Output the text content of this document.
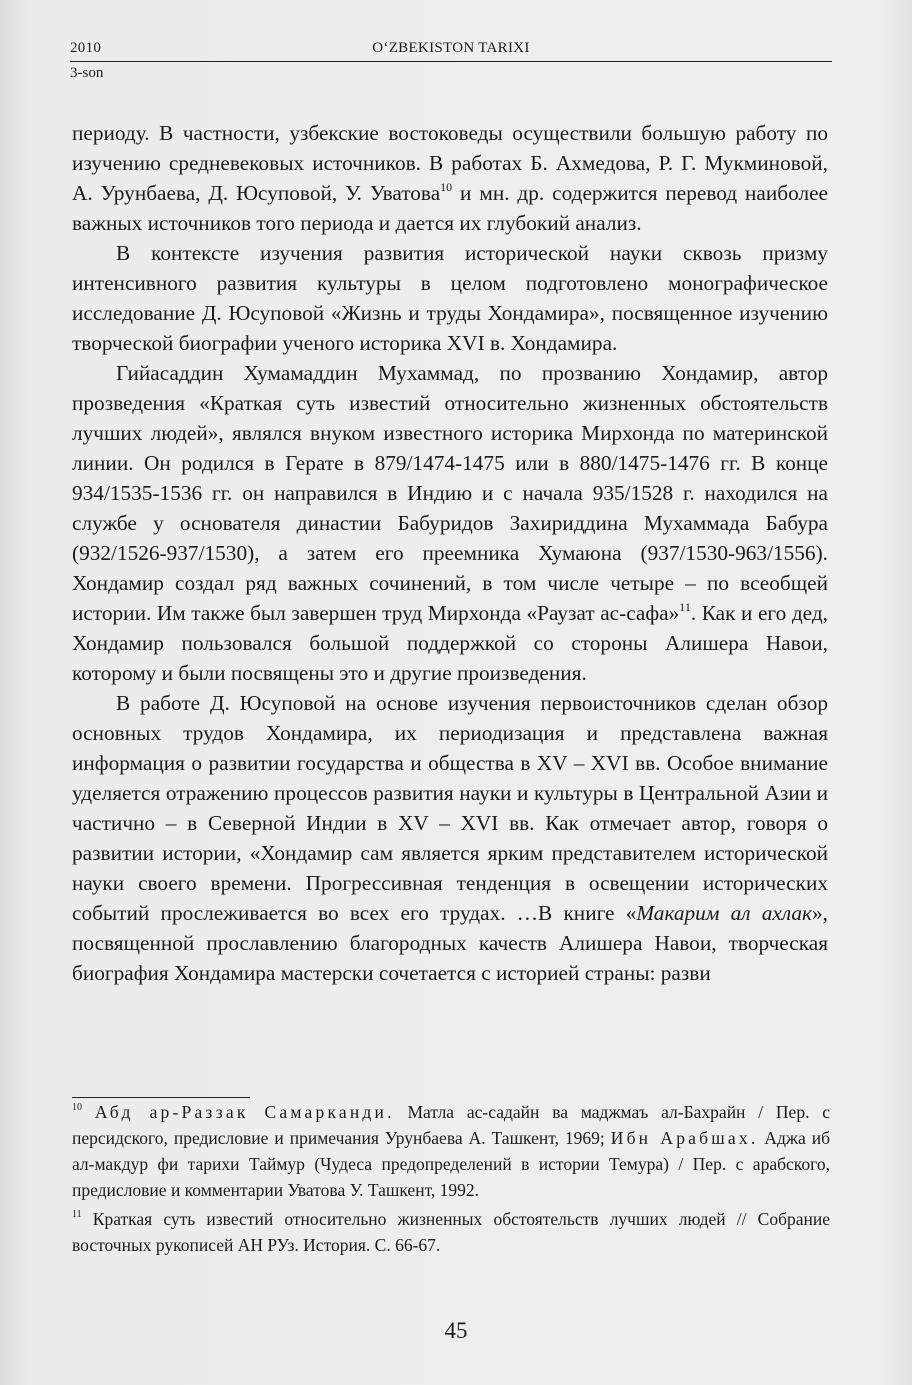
2010	O‘ZBEKISTON TARIXI
3-son

периоду. В частности, узбекские востоковеды осуществили большую работу по изучению средневековых источников. В работах Б. Ахмедова, Р. Г. Мукминовой, А. Урунбаева, Д. Юсуповой, У. Уватова$^{10}$ и мн. др. содержится перевод наиболее важных источников того периода и дается их глубокий анализ.

В контексте изучения развития исторической науки сквозь призму интенсивного развития культуры в целом подготовлено монографическое исследование Д. Юсуповой «Жизнь и труды Хондамира», посвященное изучению творческой биографии ученого историка XVI в. Хондамира.

Гийасаддин Хумамаддин Мухаммад, по прозванию Хондамир, автор прозведения «Краткая суть известий относительно жизненных обстоятельств лучших людей», являлся внуком известного историка Мирхонда по материнской линии. Он родился в Герате в 879/1474-1475 или в 880/1475-1476 гг. В конце 934/1535-1536 гг. он направился в Индию и с начала 935/1528 г. находился на службе у основателя династии Бабуридов Захириддина Мухаммада Бабура (932/1526-937/1530), а затем его преемника Хумаюна (937/1530-963/1556). Хондамир создал ряд важных сочинений, в том числе четыре – по всеобщей истории. Им также был завершен труд Мирхонда «Раузат ас-сафа»$^{11}$. Как и его дед, Хондамир пользовался большой поддержкой со стороны Алишера Навои, которому и были посвящены это и другие произведения.

В работе Д. Юсуповой на основе изучения первоисточников сделан обзор основных трудов Хондамира, их периодизация и представлена важная информация о развитии государства и общества в XV – XVI вв. Особое внимание уделяется отражению процессов развития науки и культуры в Центральной Азии и частично – в Северной Индии в XV – XVI вв. Как отмечает автор, говоря о развитии истории, «Хондамир сам является ярким представителем исторической науки своего времени. Прогрессивная тенденция в освещении исторических событий прослеживается во всех его трудах. …В книге «Макарим ал ахлак», посвященной прославлению благородных качеств Алишера Навои, творческая биография Хондамира мастерски сочетается с историей страны: разви

$^{10}$ Абд ар-Раззак Самарканди. Матла ас-садайн ва маджмаъ ал-Бахрайн / Пер. с персидского, предисловие и примечания Урунбаева А. Ташкент, 1969; Ибн Арабшах. Аджа иб ал-макдур фи тарихи Таймур (Чудеса предопределений в истории Темура) / Пер. с арабского, предисловие и комментарии Уватова У. Ташкент, 1992.

$^{11}$ Краткая суть известий относительно жизненных обстоятельств лучших людей // Собрание восточных рукописей АН РУз. История. С. 66-67.

45
